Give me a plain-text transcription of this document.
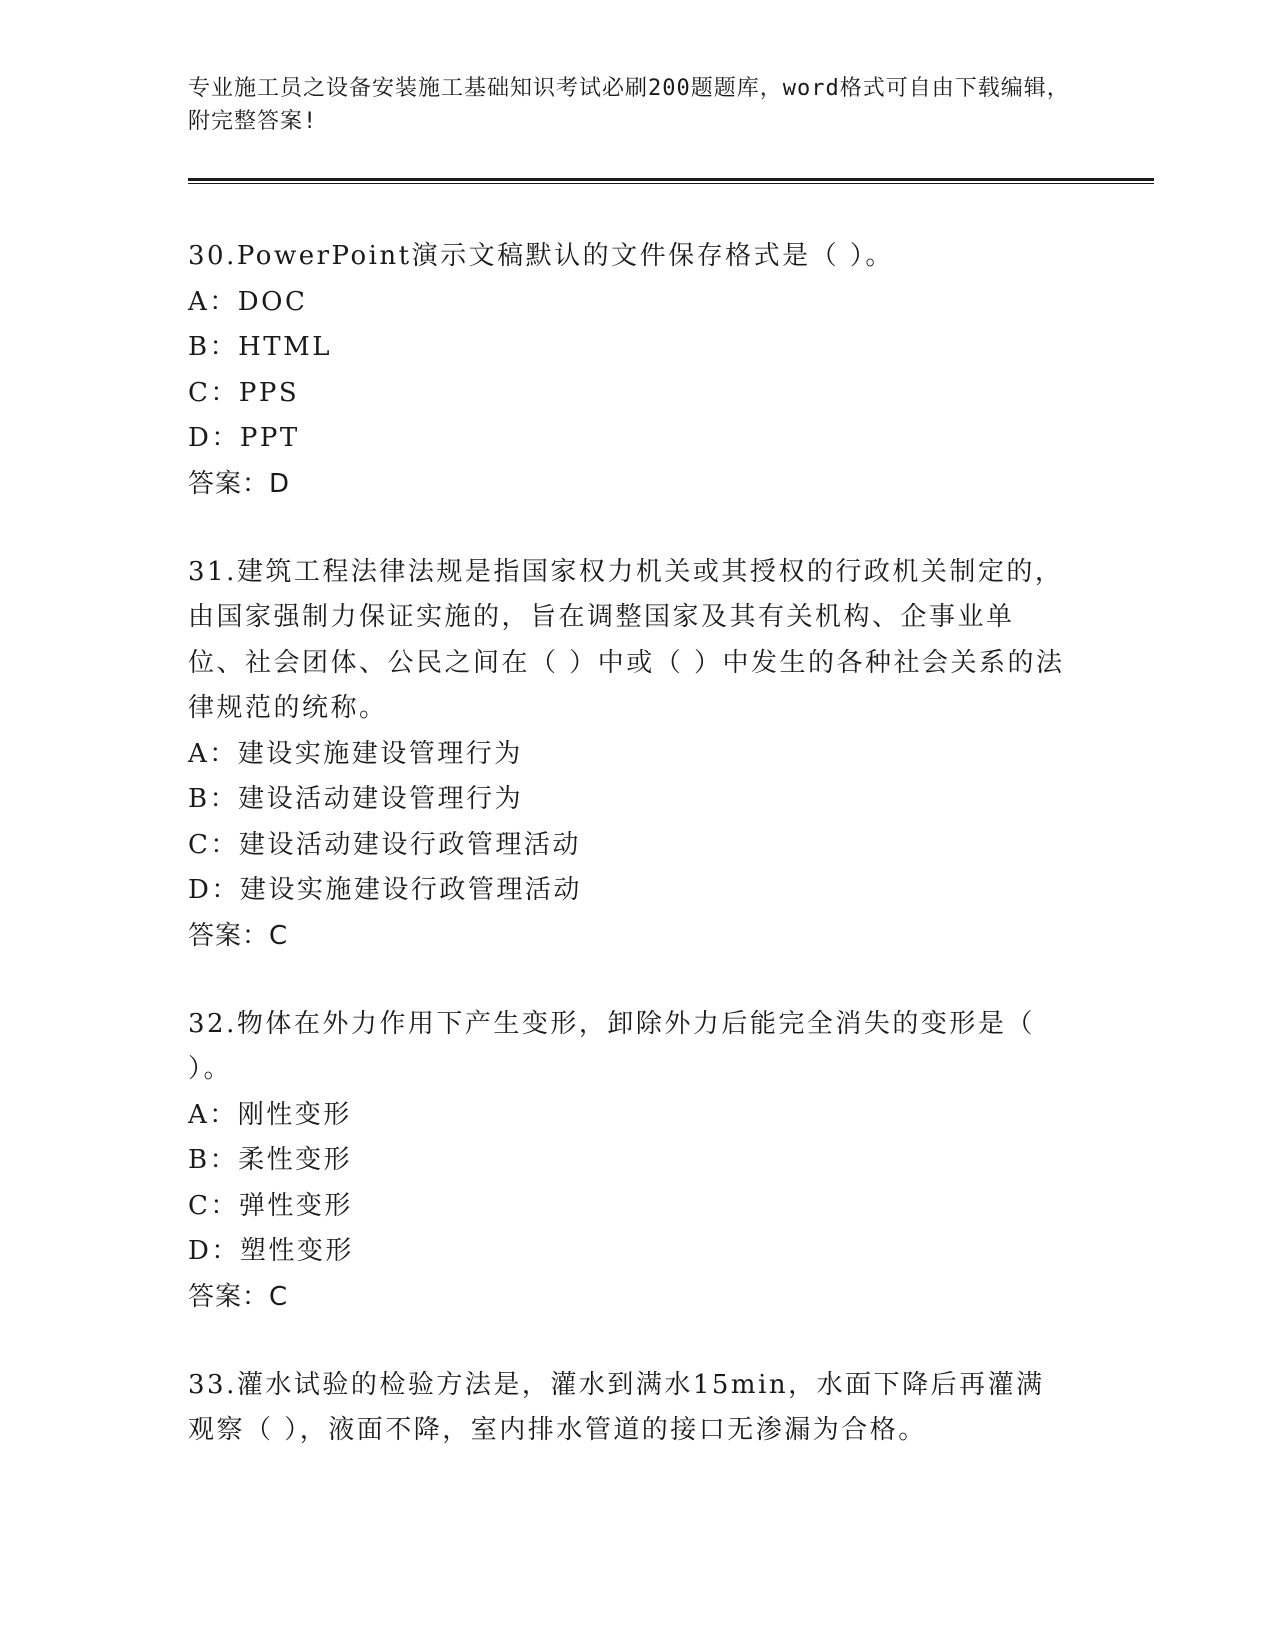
专业施工员之设备安装施工基础知识考试必刷200题题库，word格式可自由下载编辑，附完整答案!

30.PowerPoint演示文稿默认的文件保存格式是（ ）。

A：DOC

B：HTML

C：PPS

D：PPT

答案：D

31.建筑工程法律法规是指国家权力机关或其授权的行政机关制定的，由国家强制力保证实施的，旨在调整国家及其有关机构、企事业单位、社会团体、公民之间在（ ）中或（ ）中发生的各种社会关系的法律规范的统称。

A：建设实施建设管理行为

B：建设活动建设管理行为

C：建设活动建设行政管理活动

D：建设实施建设行政管理活动

答案：C

32.物体在外力作用下产生变形，卸除外力后能完全消失的变形是（ ）。

A：刚性变形

B：柔性变形

C：弹性变形

D：塑性变形

答案：C

33.灌水试验的检验方法是，灌水到满水15min，水面下降后再灌满观察（ ），液面不降，室内排水管道的接口无渗漏为合格。
